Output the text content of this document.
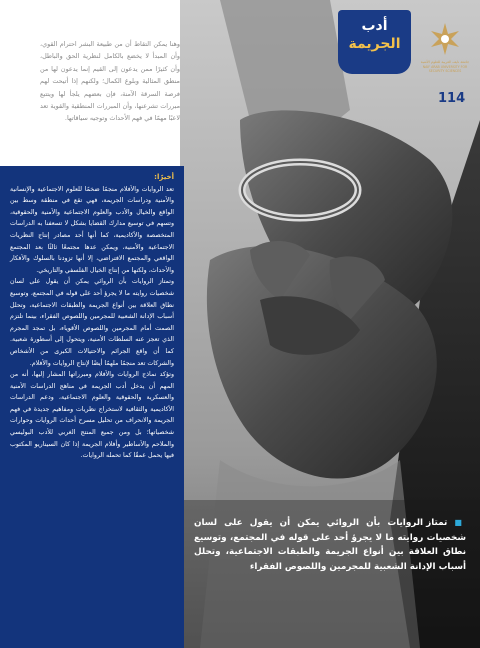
وهنا يمكن التقاط أن من طبيعة البشر احترام القوي، وأن المبدأ لا يخضع بالكامل لنظرية الحق والباطل، وأن كثيرًا ممن يدعون إلى القيم إنما يدعون لها من منطق المثالية وبلوغ الكمال؛ ولكنهم إذا أتيحت لهم فرصة السرقة الآمنة، فإن بعضهم يلجأ لها ويتتبع مبررات تشرعنها، وأن المبررات المنطقية والقوية تعد لاعبًا مهمًا في فهم الأحداث وتوجيه سياقاتها.
أخيرًا:

تعد الروايات والأفلام منجمًا ضخمًا للعلوم الاجتماعية والإنسانية والأمنية ودراسات الجريمة، فهي تقع في منطقة وسط بين الواقع والخيال والأدب والعلوم الاجتماعية والأمنية والحقوقية، وتسهم في توسيع مدارك القضايا بشكل لا تسعفنا به الدراسات المتخصصة والأكاديمية، كما أنها أحد مصادر إنتاج النظريات الاجتماعية والأمنية، ويمكن عدها مجتمعًا ثالثًا بعد المجتمع الواقعي والمجتمع الافتراضي، إلا أنها تزودنا بالسلوك والأفكار والأحداث، ولكنها من إنتاج الخيال الفلسفي والتاريخي.

وتمتاز الروايات بأن الروائي يمكن أن يقول على لسان شخصيات روايته ما لا يجرؤ أحد على قوله في المجتمع، وتوسيع نطاق العلاقة بين أنواع الجريمة والطبقات الاجتماعية، وتحلل أسباب الإدانة الشعبية للمجرمين واللصوص الفقراء، بينما تلتزم الصمت أمام المجرمين واللصوص الأقوياء، بل تمجد المجرم الذي تعجز عنه السلطات الأمنية، ويتحول إلى أسطورة شعبية. كما أن واقع الجرائم والاحتيالات الكبرى من الأشخاص والشركات تعد منجمًا ملهمًا أيضًا لإنتاج الروايات والأفلام.

وتؤكد نماذج الروايات والأفلام ومبرراتها المشار إليها، أنه من المهم أن يدخل أدب الجريمة في مناهج الدراسات الأمنية والعسكرية والحقوقية والعلوم الاجتماعية، ودعم الدراسات الأكاديمية والثقافية لاستخراج نظريات ومفاهيم جديدة في فهم الجريمة والانحراف من تحليل مسرح أحداث الروايات وحوارات شخصياتها؛ بل ومن جميع المنتج الغربي للأدب البوليسي والملاحم والأساطير وأفلام الجريمة إذا كان السيناريو المكتوب فيها يحمل عمقًا كما تحمله الروايات.

أدب
الجريمة
جامعة نايف العربية للعلوم الأمنية
NAIF ARAB UNIVERSITY FOR SECURITY SCIENCES
114
■ تمتاز الروايات بأن الروائي يمكن أن يقول على لسان شخصيات روايته ما لا يجرؤ أحد على قوله في المجتمع، وتوسيع نطاق العلاقة بين أنواع الجريمة والطبقات الاجتماعية، وتحلل أسباب الإدانة الشعبية للمجرمين واللصوص الفقراء
